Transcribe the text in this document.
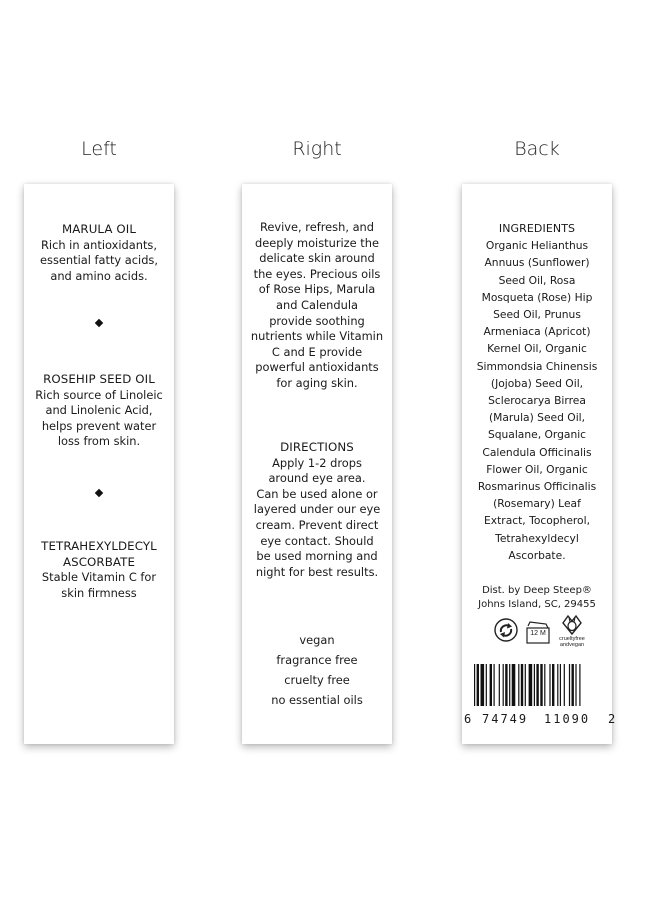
Left	Right	Back
MARULA OIL
Rich in antioxidants,
essential fatty acids,
and amino acids.
ROSEHIP SEED OIL
Rich source of Linoleic
and Linolenic Acid,
helps prevent water
loss from skin.
TETRAHEXYLDECYL
ASCORBATE
Stable Vitamin C for
skin firmness
Revive, refresh, and
deeply moisturize the
delicate skin around
the eyes. Precious oils
of Rose Hips, Marula
and Calendula
provide soothing
nutrients while Vitamin
C and E provide
powerful antioxidants
for aging skin.
DIRECTIONS
Apply 1-2 drops
around eye area.
Can be used alone or
layered under our eye
cream. Prevent direct
eye contact. Should
be used morning and
night for best results.
vegan
fragrance free
cruelty free
no essential oils
INGREDIENTS
Organic Helianthus
Annuus (Sunflower)
Seed Oil, Rosa
Mosqueta (Rose) Hip
Seed Oil, Prunus
Armeniaca (Apricot)
Kernel Oil, Organic
Simmondsia Chinensis
(Jojoba) Seed Oil,
Sclerocarya Birrea
(Marula) Seed Oil,
Squalane, Organic
Calendula Officinalis
Flower Oil, Organic
Rosmarinus Officinalis
(Rosemary) Leaf
Extract, Tocopherol,
Tetrahexyldecyl
Ascorbate.
Dist. by Deep Steep®
Johns Island, SC, 29455
12 M
crueltyfree
andvegan
6 74749 11090 2
